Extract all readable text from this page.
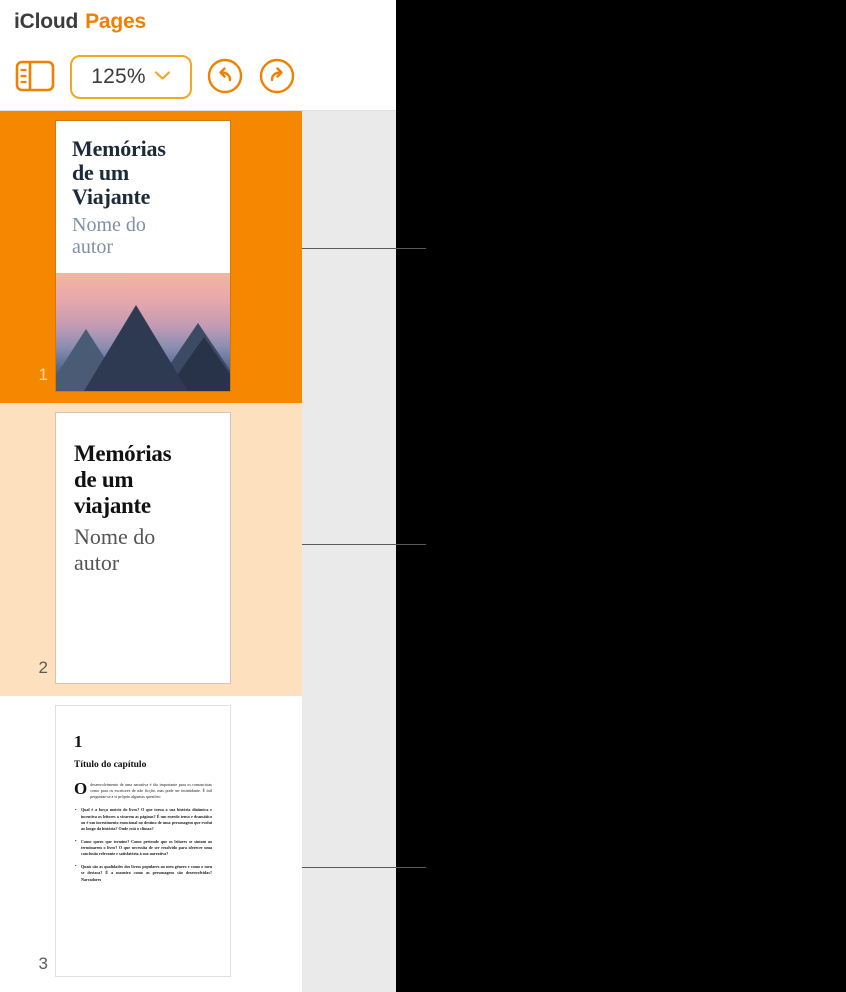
iCloud Pages
125%
1
Memórias
de um
Viajante
Nome do
autor
2
Memórias
de um
viajante
Nome do
autor
3
1
Título do capítulo
O desenvolvimento de uma narrativa é tão importante para os romancistas como para os escritores de não ficção, mas pode ser intimidante. É útil perguntar-se a si próprio algumas questões:
• Qual é a força motriz do livro? O que torna a sua história dinâmica e incentiva os leitores a virarem as páginas? É um enredo tenso e dramático ou é um investimento emocional no destino de uma personagem que evolui ao longo da história? Onde está o clímax?
• Como quero que termine? Como pretende que os leitores se sintam ao terminarem o livro? O que necessita de ser resolvido para oferecer uma conclusão relevante e satisfatória à sua narrativa?
• Quais são as qualidades dos livros populares no meu género e como o meu se destaca? É a maneira como as personagens são desenvolvidas? Narradores
